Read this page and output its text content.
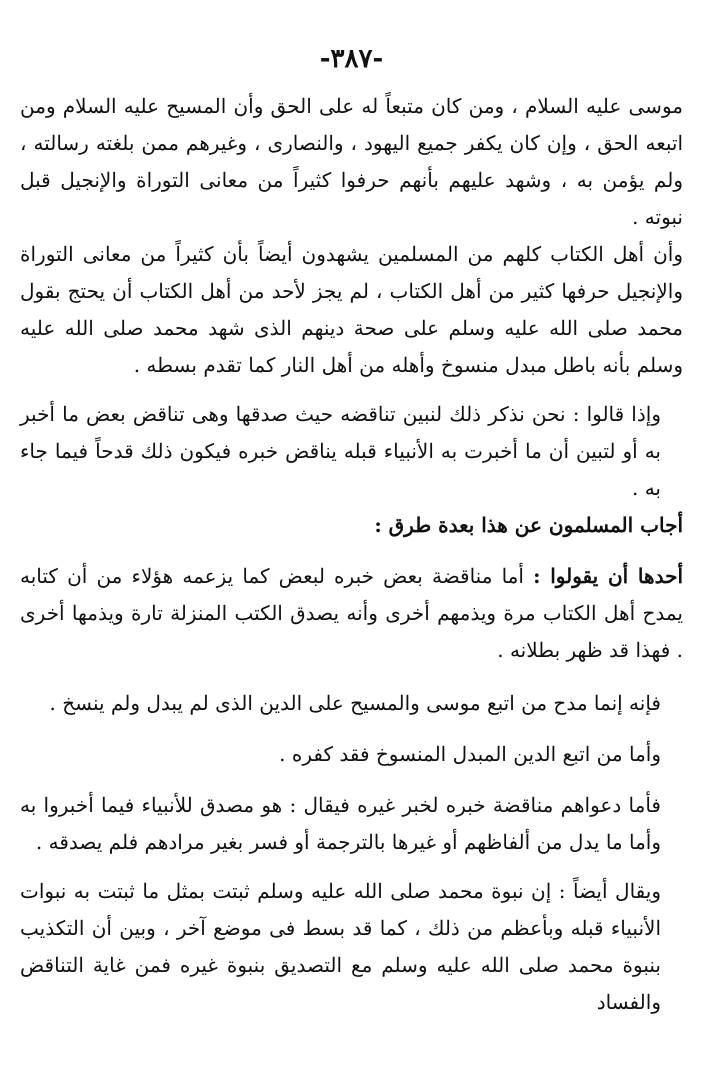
-٣٨٧-

موسى عليه السلام ، ومن كان متبعاً له على الحق وأن المسيح عليه السلام ومن اتبعه الحق ، وإن كان يكفر جميع اليهود ، والنصارى ، وغيرهم ممن بلغته رسالته ، ولم يؤمن به ، وشهد عليهم بأنهم حرفوا كثيراً من معانى التوراة والإنجيل قبل نبوته .

وأن أهل الكتاب كلهم من المسلمين يشهدون أيضاً بأن كثيراً من معانى التوراة والإنجيل حرفها كثير من أهل الكتاب ، لم يجز لأحد من أهل الكتاب أن يحتج بقول محمد صلى الله عليه وسلم على صحة دينهم الذى شهد محمد صلى الله عليه وسلم بأنه باطل مبدل منسوخ وأهله من أهل النار كما تقدم بسطه .

وإذا قالوا : نحن نذكر ذلك لنبين تناقضه حيث صدقها وهى تناقض بعض ما أخبر به أو لتبين أن ما أخبرت به الأنبياء قبله يناقض خبره فيكون ذلك قدحاً فيما جاء به .

أجاب المسلمون عن هذا بعدة طرق :

أحدها أن يقولوا : أما مناقضة بعض خبره لبعض كما يزعمه هؤلاء من أن كتابه يمدح أهل الكتاب مرة ويذمهم أخرى وأنه يصدق الكتب المنزلة تارة ويذمها أخرى . فهذا قد ظهر بطلانه .

فإنه إنما مدح من اتبع موسى والمسيح على الدين الذى لم يبدل ولم ينسخ .

وأما من اتبع الدين المبدل المنسوخ فقد كفره .

فأما دعواهم مناقضة خبره لخبر غيره فيقال : هو مصدق للأنبياء فيما أخبروا به وأما ما يدل من ألفاظهم أو غيرها بالترجمة أو فسر بغير مرادهم فلم يصدقه .

ويقال أيضاً : إن نبوة محمد صلى الله عليه وسلم ثبتت بمثل ما ثبتت به نبوات الأنبياء قبله وبأعظم من ذلك ، كما قد بسط فى موضع آخر ، وبين أن التكذيب بنبوة محمد صلى الله عليه وسلم مع التصديق بنبوة غيره فمن غاية التناقض والفساد
